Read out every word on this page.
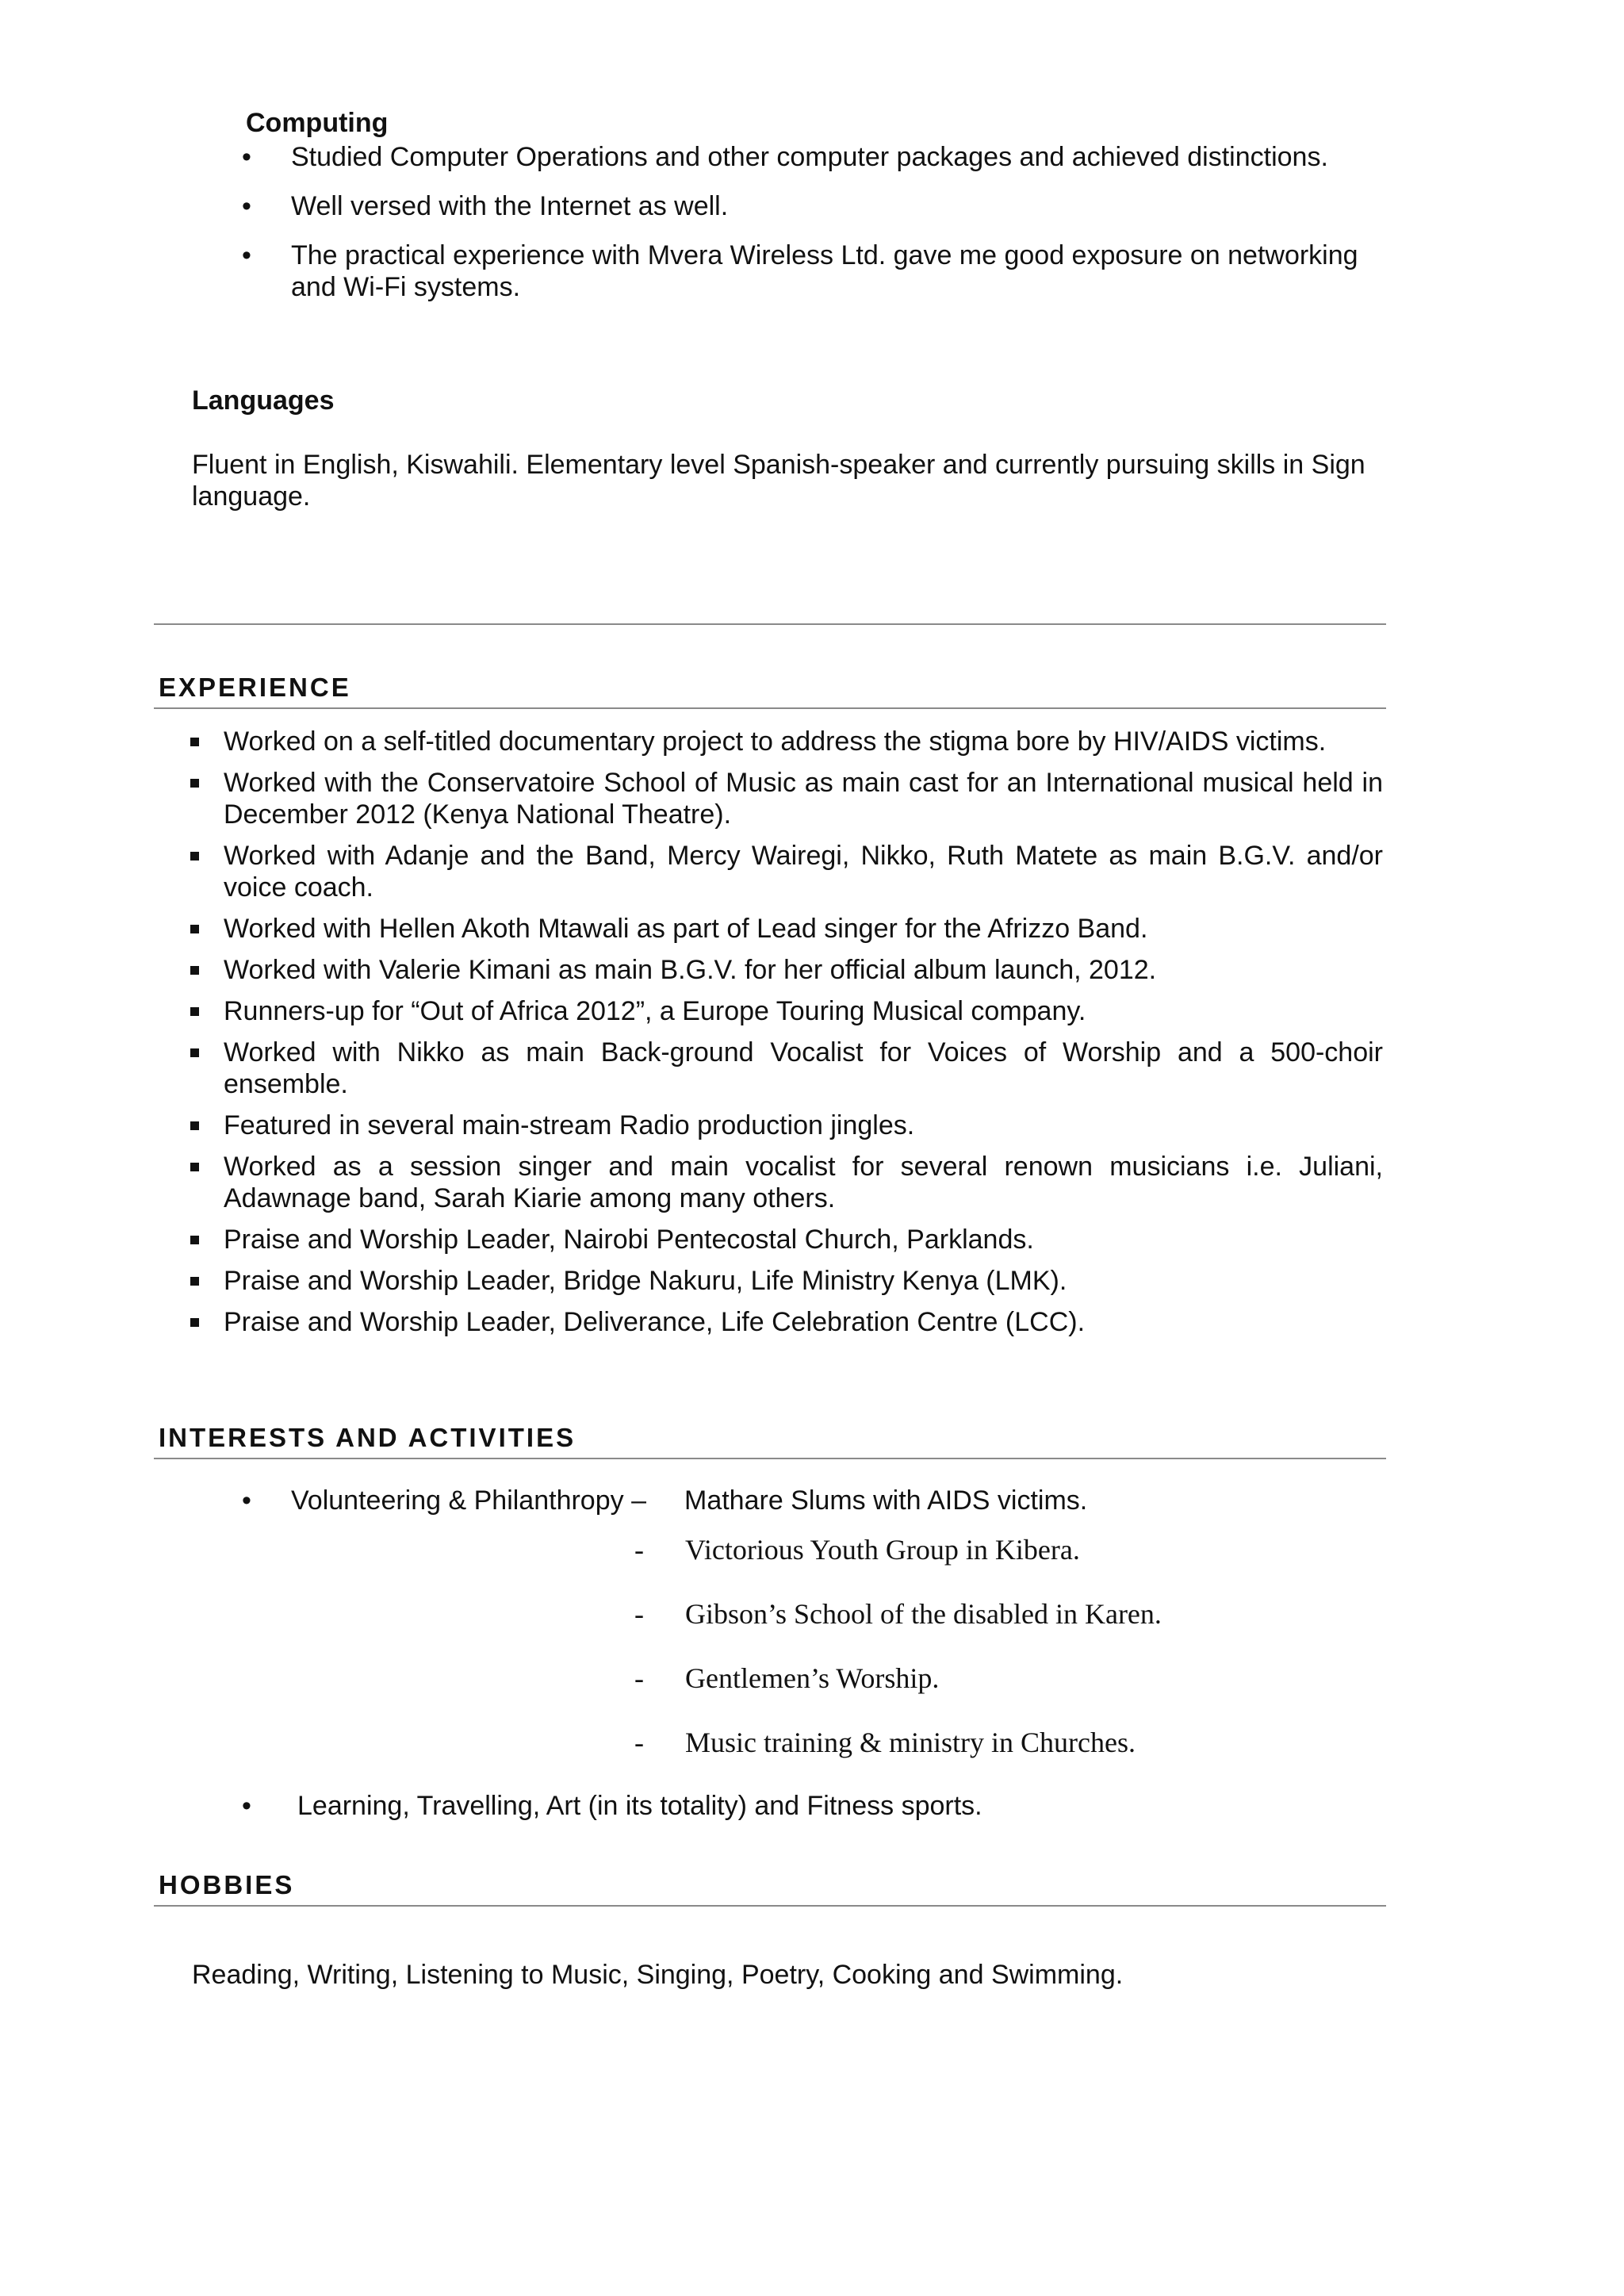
Computing
• Studied Computer Operations and other computer packages and achieved distinctions.
• Well versed with the Internet as well.
• The practical experience with Mvera Wireless Ltd. gave me good exposure on networking and Wi-Fi systems.
Languages
Fluent in English, Kiswahili. Elementary level Spanish-speaker and currently pursuing skills in Sign language.
EXPERIENCE
Worked on a self-titled documentary project to address the stigma bore by HIV/AIDS victims.
Worked with the Conservatoire School of Music as main cast for an International musical held in December 2012 (Kenya National Theatre).
Worked with Adanje and the Band, Mercy Wairegi, Nikko, Ruth Matete as main B.G.V. and/or voice coach.
Worked with Hellen Akoth Mtawali as part of Lead singer for the Afrizzo Band.
Worked with Valerie Kimani as main B.G.V. for her official album launch, 2012.
Runners-up for “Out of Africa 2012”, a Europe Touring Musical company.
Worked with Nikko as main Back-ground Vocalist for Voices of Worship and a 500-choir ensemble.
Featured in several main-stream Radio production jingles.
Worked as a session singer and main vocalist for several renown musicians i.e. Juliani, Adawnage band, Sarah Kiarie among many others.
Praise and Worship Leader, Nairobi Pentecostal Church, Parklands.
Praise and Worship Leader, Bridge Nakuru, Life Ministry Kenya (LMK).
Praise and Worship Leader, Deliverance, Life Celebration Centre (LCC).
INTERESTS AND ACTIVITIES
• Volunteering & Philanthropy – Mathare Slums with AIDS victims.
- Victorious Youth Group in Kibera.
- Gibson’s School of the disabled in Karen.
- Gentlemen’s Worship.
- Music training & ministry in Churches.
• Learning, Travelling, Art (in its totality) and Fitness sports.
HOBBIES
Reading, Writing, Listening to Music, Singing, Poetry, Cooking and Swimming.
